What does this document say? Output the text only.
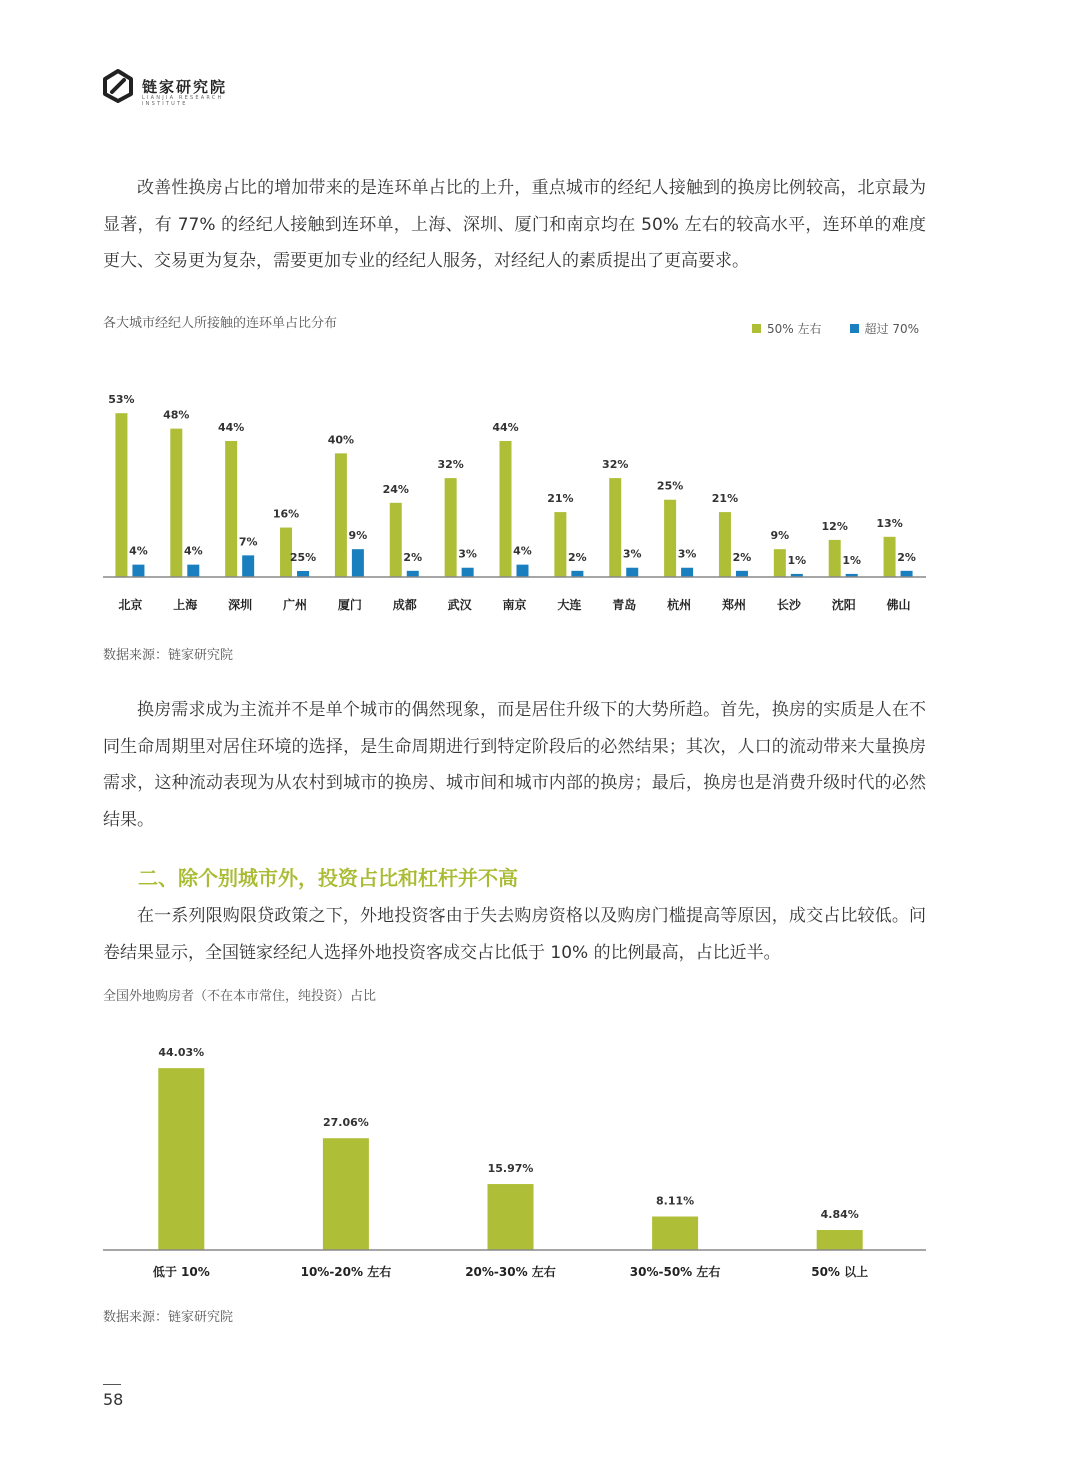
链家研究院
LIANJIA RESEARCH INSTITUTE

改善性换房占比的增加带来的是连环单占比的上升，重点城市的经纪人接触到的换房比例较高，北京最为显著，有 77% 的经纪人接触到连环单，上海、深圳、厦门和南京均在 50% 左右的较高水平，连环单的难度更大、交易更为复杂，需要更加专业的经纪人服务，对经纪人的素质提出了更高要求。

各大城市经纪人所接触的连环单占比分布	50% 左右	超过 70%
53%
4%
北京
48%
4%
上海
44%
7%
深圳
16%
25%
广州
40%
9%
厦门
24%
2%
成都
32%
3%
武汉
44%
4%
南京
21%
2%
大连
32%
3%
青岛
25%
3%
杭州
21%
2%
郑州
9%
1%
长沙
12%
1%
沈阳
13%
2%
佛山
数据来源：链家研究院

换房需求成为主流并不是单个城市的偶然现象，而是居住升级下的大势所趋。首先，换房的实质是人在不同生命周期里对居住环境的选择，是生命周期进行到特定阶段后的必然结果；其次，人口的流动带来大量换房需求，这种流动表现为从农村到城市的换房、城市间和城市内部的换房；最后，换房也是消费升级时代的必然结果。

二、除个别城市外，投资占比和杠杆并不高

在一系列限购限贷政策之下，外地投资客由于失去购房资格以及购房门槛提高等原因，成交占比较低。问卷结果显示，全国链家经纪人选择外地投资客成交占比低于 10% 的比例最高，占比近半。

全国外地购房者（不在本市常住，纯投资）占比
44.03%
低于 10%
27.06%
10%-20% 左右
15.97%
20%-30% 左右
8.11%
30%-50% 左右
4.84%
50% 以上
数据来源：链家研究院
58
